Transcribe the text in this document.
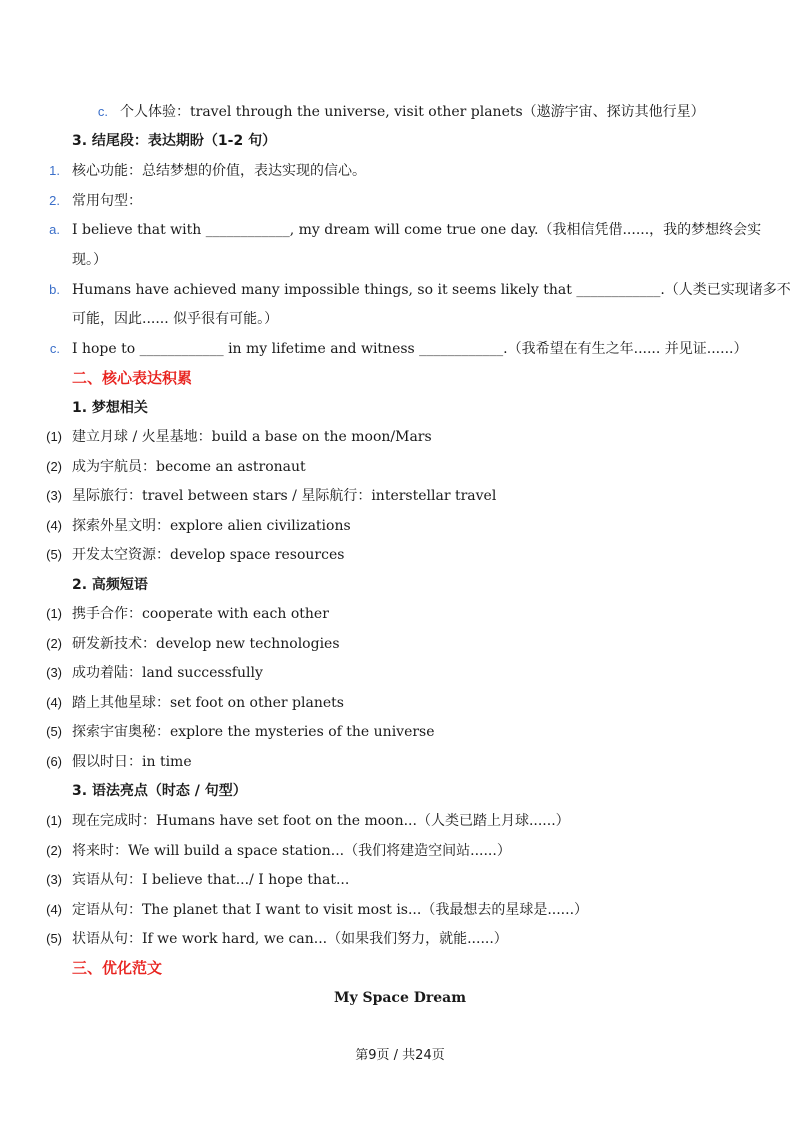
c. 个人体验：travel through the universe, visit other planets（遨游宇宙、探访其他行星）
3. 结尾段：表达期盼（1-2 句）
1. 核心功能：总结梦想的价值，表达实现的信心。
2. 常用句型：
a. I believe that with ____________, my dream will come true one day.（我相信凭借......，我的梦想终会实
现。）
b. Humans have achieved many impossible things, so it seems likely that ____________.（人类已实现诸多不
可能，因此...... 似乎很有可能。）
c. I hope to ____________ in my lifetime and witness ____________.（我希望在有生之年...... 并见证......）
二、核心表达积累
1. 梦想相关
(1) 建立月球 / 火星基地：build a base on the moon/Mars
(2) 成为宇航员：become an astronaut
(3) 星际旅行：travel between stars / 星际航行：interstellar travel
(4) 探索外星文明：explore alien civilizations
(5) 开发太空资源：develop space resources
2. 高频短语
(1) 携手合作：cooperate with each other
(2) 研发新技术：develop new technologies
(3) 成功着陆：land successfully
(4) 踏上其他星球：set foot on other planets
(5) 探索宇宙奥秘：explore the mysteries of the universe
(6) 假以时日：in time
3. 语法亮点（时态 / 句型）
(1) 现在完成时：Humans have set foot on the moon...（人类已踏上月球......）
(2) 将来时：We will build a space station...（我们将建造空间站......）
(3) 宾语从句：I believe that.../ I hope that...
(4) 定语从句：The planet that I want to visit most is...（我最想去的星球是......）
(5) 状语从句：If we work hard, we can...（如果我们努力，就能......）
三、优化范文
My Space Dream
第9页 / 共24页
